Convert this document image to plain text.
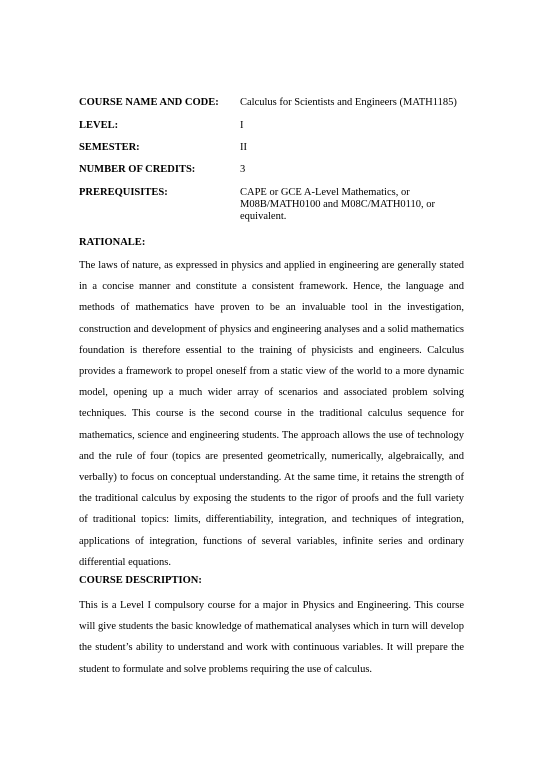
COURSE NAME AND CODE:	Calculus for Scientists and Engineers (MATH1185)
LEVEL:	I
SEMESTER:	II
NUMBER OF CREDITS:	3
PREREQUISITES:	CAPE or GCE A-Level Mathematics, or M08B/MATH0100 and M08C/MATH0110, or equivalent.
RATIONALE:

The laws of nature, as expressed in physics and applied in engineering are generally stated in a concise manner and constitute a consistent framework. Hence, the language and methods of mathematics have proven to be an invaluable tool in the investigation, construction and development of physics and engineering analyses and a solid mathematics foundation is therefore essential to the training of physicists and engineers. Calculus provides a framework to propel oneself from a static view of the world to a more dynamic model, opening up a much wider array of scenarios and associated problem solving techniques. This course is the second course in the traditional calculus sequence for mathematics, science and engineering students. The approach allows the use of technology and the rule of four (topics are presented geometrically, numerically, algebraically, and verbally) to focus on conceptual understanding. At the same time, it retains the strength of the traditional calculus by exposing the students to the rigor of proofs and the full variety of traditional topics: limits, differentiability, integration, and techniques of integration, applications of integration, functions of several variables, infinite series and ordinary differential equations.

COURSE DESCRIPTION:

This is a Level I compulsory course for a major in Physics and Engineering. This course will give students the basic knowledge of mathematical analyses which in turn will develop the student’s ability to understand and work with continuous variables. It will prepare the student to formulate and solve problems requiring the use of calculus.
